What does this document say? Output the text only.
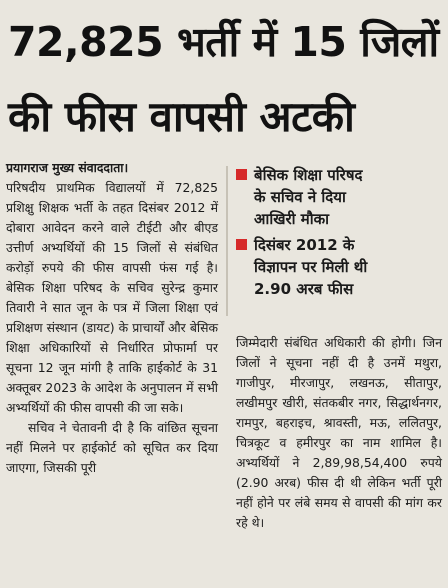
72,825 भर्ती में 15 जिलों
की फीस वापसी अटकी

प्रयागराज मुख्य संवाददाता।
परिषदीय प्राथमिक विद्यालयों में 72,825 प्रशिक्षु शिक्षक भर्ती के तहत दिसंबर 2012 में दोबारा आवेदन करने वाले टीईटी और बीएड उत्तीर्ण अभ्यर्थियों की 15 जिलों से संबंधित करोड़ों रुपये की फीस वापसी फंस गई है। बेसिक शिक्षा परिषद के सचिव सुरेन्द्र कुमार तिवारी ने सात जून के पत्र में जिला शिक्षा एवं प्रशिक्षण संस्थान (डायट) के प्राचार्यों और बेसिक शिक्षा अधिकारियों से निर्धारित प्रोफार्मा पर सूचना 12 जून मांगी है ताकि हाईकोर्ट के 31 अक्तूबर 2023 के आदेश के अनुपालन में सभी अभ्यर्थियों की फीस वापसी की जा सके।

सचिव ने चेतावनी दी है कि वांछित सूचना नहीं मिलने पर हाईकोर्ट को सूचित कर दिया जाएगा, जिसकी पूरी

बेसिक शिक्षा परिषद
के सचिव ने दिया
आखिरी मौका
दिसंबर 2012 के
विज्ञापन पर मिली थी
2.90 अरब फीस

जिम्मेदारी संबंधित अधिकारी की होगी। जिन जिलों ने सूचना नहीं दी है उनमें मथुरा, गाजीपुर, मीरजापुर, लखनऊ, सीतापुर, लखीमपुर खीरी, संतकबीर नगर, सिद्धार्थनगर, रामपुर, बहराइच, श्रावस्ती, मऊ, ललितपुर, चित्रकूट व हमीरपुर का नाम शामिल है। अभ्यर्थियों ने 2,89,98,54,400 रुपये (2.90 अरब) फीस दी थी लेकिन भर्ती पूरी नहीं होने पर लंबे समय से वापसी की मांग कर रहे थे।
